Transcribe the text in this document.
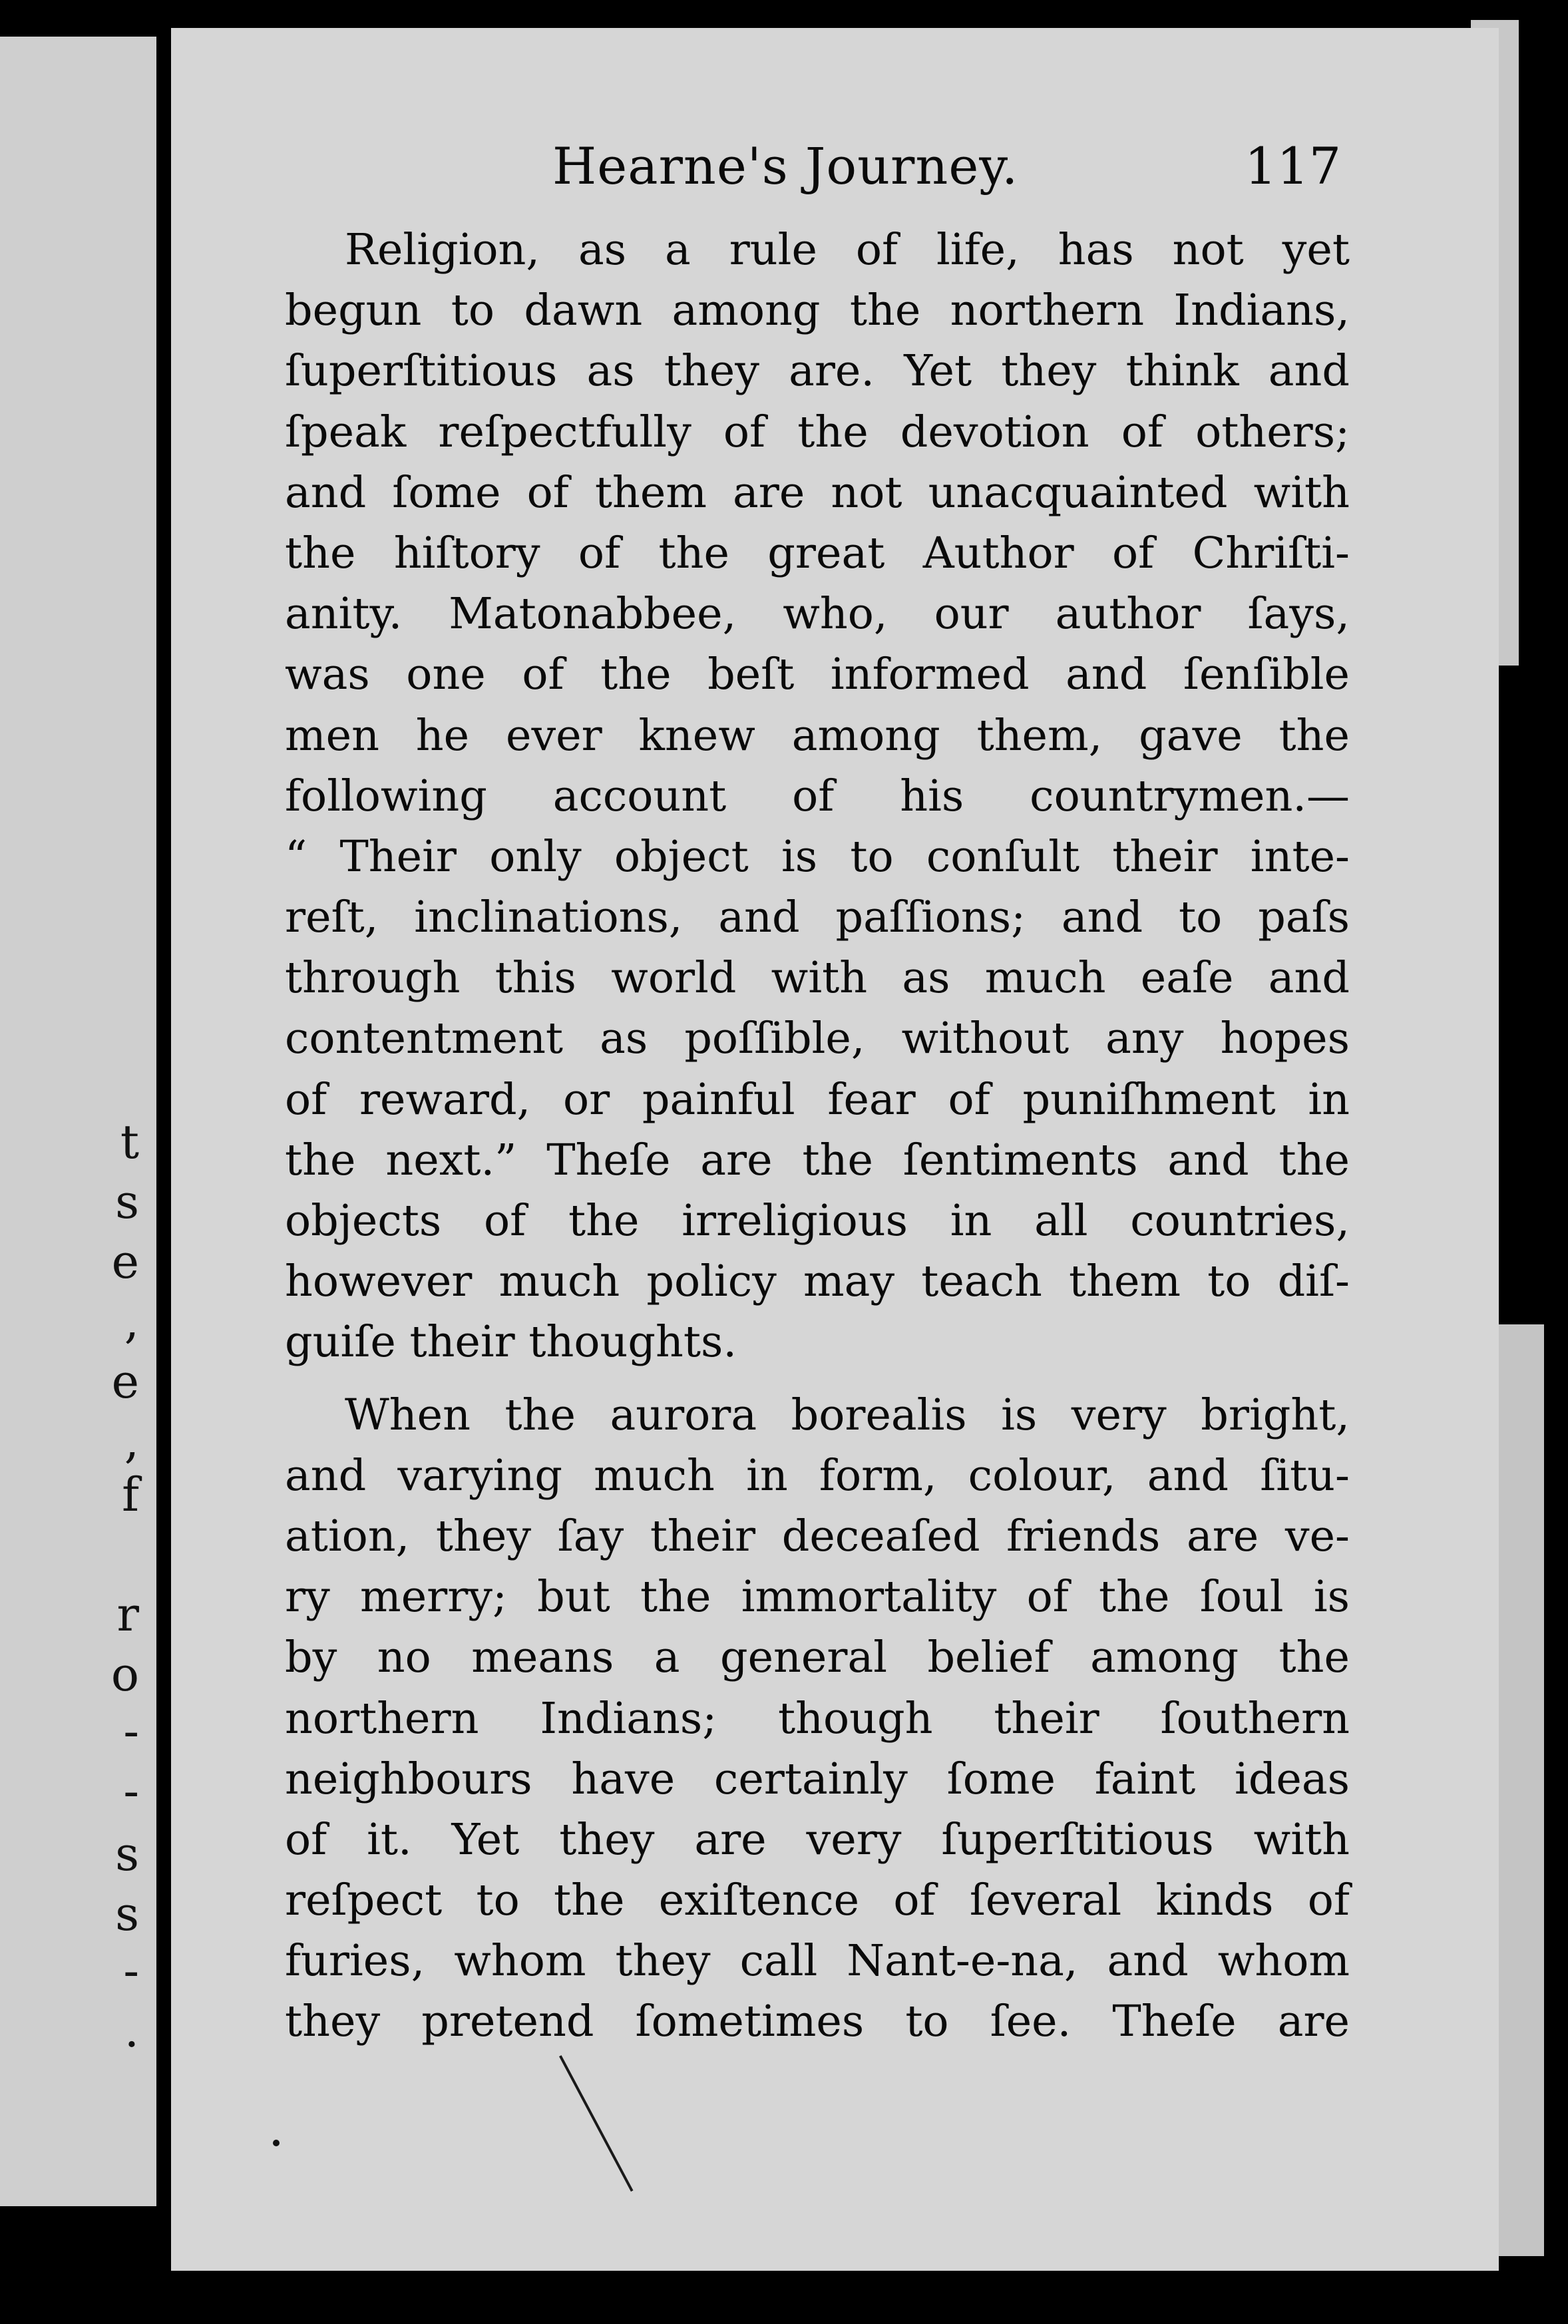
t
s
e
,
e
,
f
r
o
-
-
s
s
-
.
Hearne's Journey.	117
Religion, as a rule of life, has not yet
begun to dawn among the northern Indians,
ſuperſtitious as they are. Yet they think and
ſpeak reſpectfully of the devotion of others;
and ſome of them are not unacquainted with
the hiſtory of the great Author of Chriſti-
anity. Matonabbee, who, our author ſays,
was one of the beſt informed and ſenſible
men he ever knew among them, gave the
following account of his countrymen.—
“ Their only object is to conſult their inte-
reſt, inclinations, and paſſions; and to paſs
through this world with as much eaſe and
contentment as poſſible, without any hopes
of reward, or painful fear of puniſhment in
the next.” Theſe are the ſentiments and the
objects of the irreligious in all countries,
however much policy may teach them to diſ-
guiſe their thoughts.
When the aurora borealis is very bright,
and varying much in form, colour, and ſitu-
ation, they ſay their deceaſed friends are ve-
ry merry; but the immortality of the ſoul is
by no means a general belief among the
northern Indians; though their ſouthern
neighbours have certainly ſome faint ideas
of it. Yet they are very ſuperſtitious with
reſpect to the exiſtence of ſeveral kinds of
furies, whom they call Nant-e-na, and whom
they pretend ſometimes to ſee. Theſe are
